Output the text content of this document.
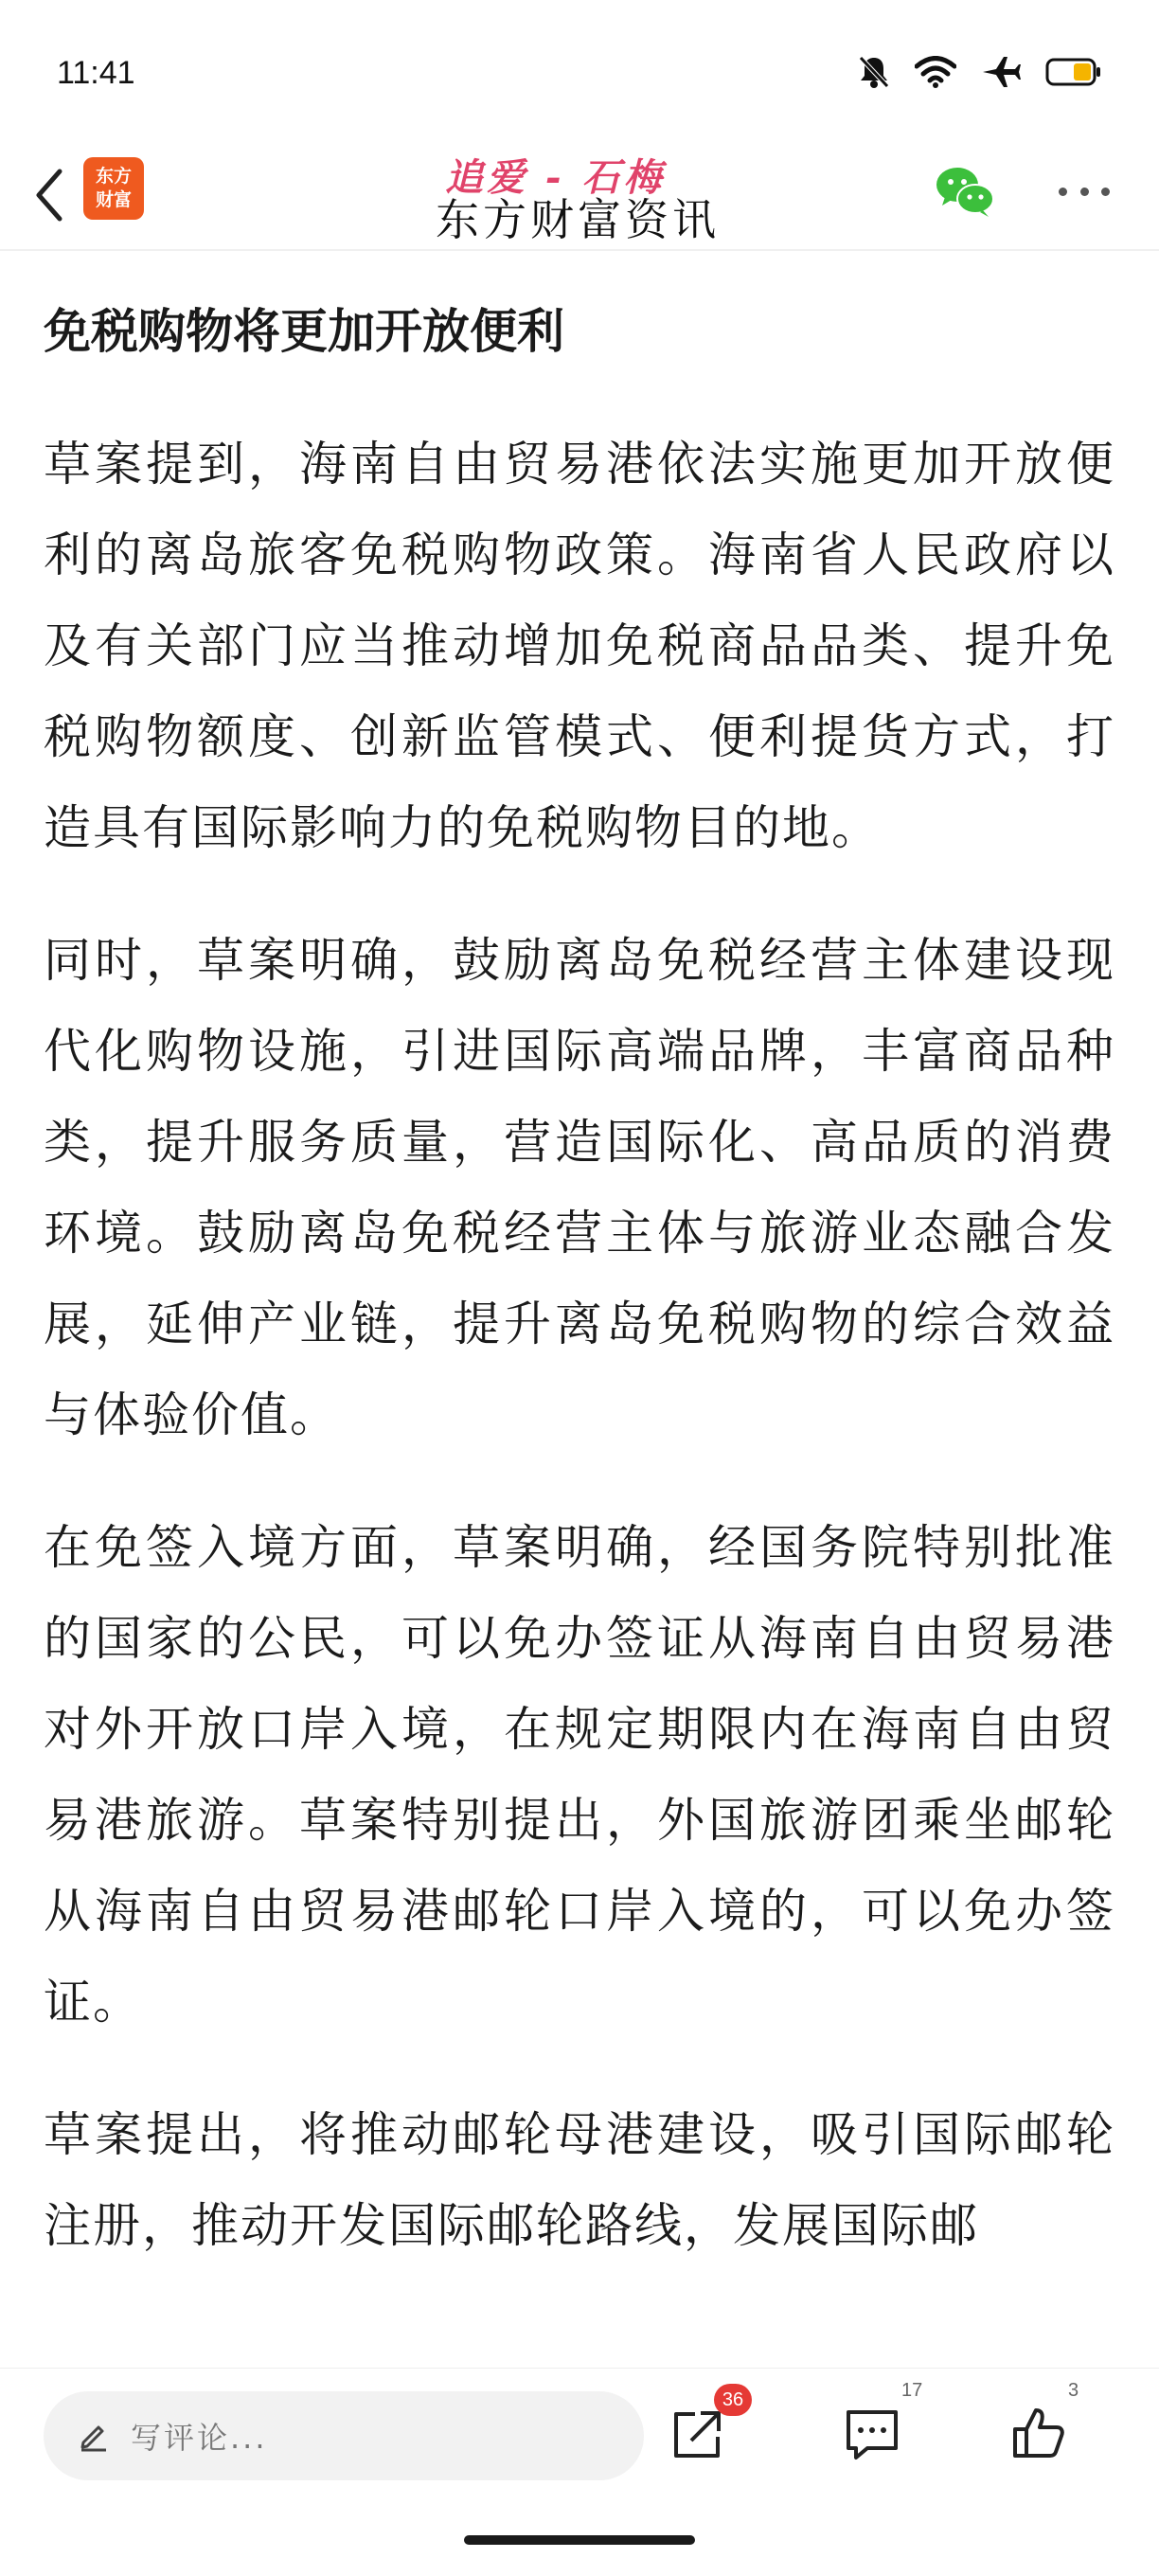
11:41
东方
财富	追爱 - 石梅
东方财富资讯
免税购物将更加开放便利

草案提到，海南自由贸易港依法实施更加开放便利的离岛旅客免税购物政策。海南省人民政府以及有关部门应当推动增加免税商品品类、提升免税购物额度、创新监管模式、便利提货方式，打造具有国际影响力的免税购物目的地。

同时，草案明确，鼓励离岛免税经营主体建设现代化购物设施，引进国际高端品牌，丰富商品种类，提升服务质量，营造国际化、高品质的消费环境。鼓励离岛免税经营主体与旅游业态融合发展，延伸产业链，提升离岛免税购物的综合效益与体验价值。

在免签入境方面，草案明确，经国务院特别批准的国家的公民，可以免办签证从海南自由贸易港对外开放口岸入境，在规定期限内在海南自由贸易港旅游。草案特别提出，外国旅游团乘坐邮轮从海南自由贸易港邮轮口岸入境的，可以免办签证。

草案提出，将推动邮轮母港建设，吸引国际邮轮注册，推动开发国际邮轮路线，发展国际邮

写评论...
36	17	3
